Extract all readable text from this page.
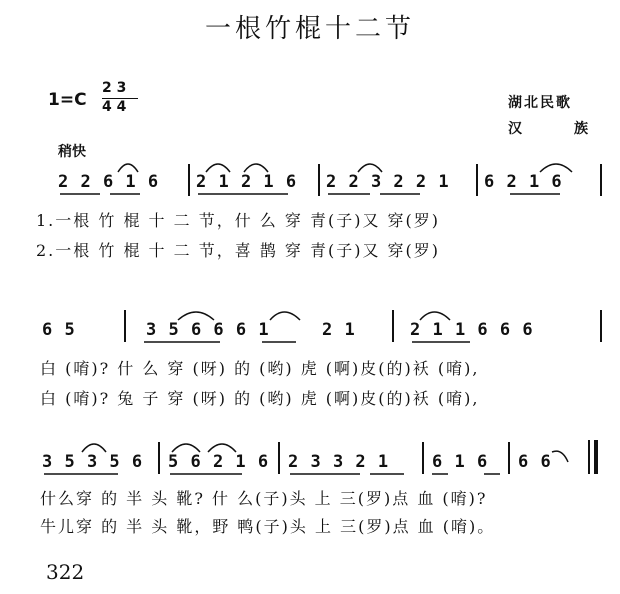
一根竹棍十二节
1=C
2 3
4 4	湖北民歌
汉	族
稍快
2 2 6 1 6 2 1 2 1 6 2 2 3 2 2 1 6 2 1 6
1.一根 竹 棍 十 二 节，什 么 穿 青(子)又 穿(罗)
2.一根 竹 棍 十 二 节，喜 鹊 穿 青(子)又 穿(罗)
6 5	3 5 6 6 6 1	2 1	2 1 1 6 6 6
白 (唷)? 什 么 穿 (呀) 的 (哟) 虎 (啊)皮(的)袄 (唷),
白 (唷)? 兔 子 穿 (呀) 的 (哟) 虎 (啊)皮(的)袄 (唷),
3 5 3 5 6 5 6 2 1 6 2 3 3 2 1	6 1 6 6 6
什么穿 的 半 头 靴? 什 么(子)头 上 三(罗)点 血 (唷)?
牛儿穿 的 半 头 靴，野 鸭(子)头 上 三(罗)点 血 (唷)。
322
